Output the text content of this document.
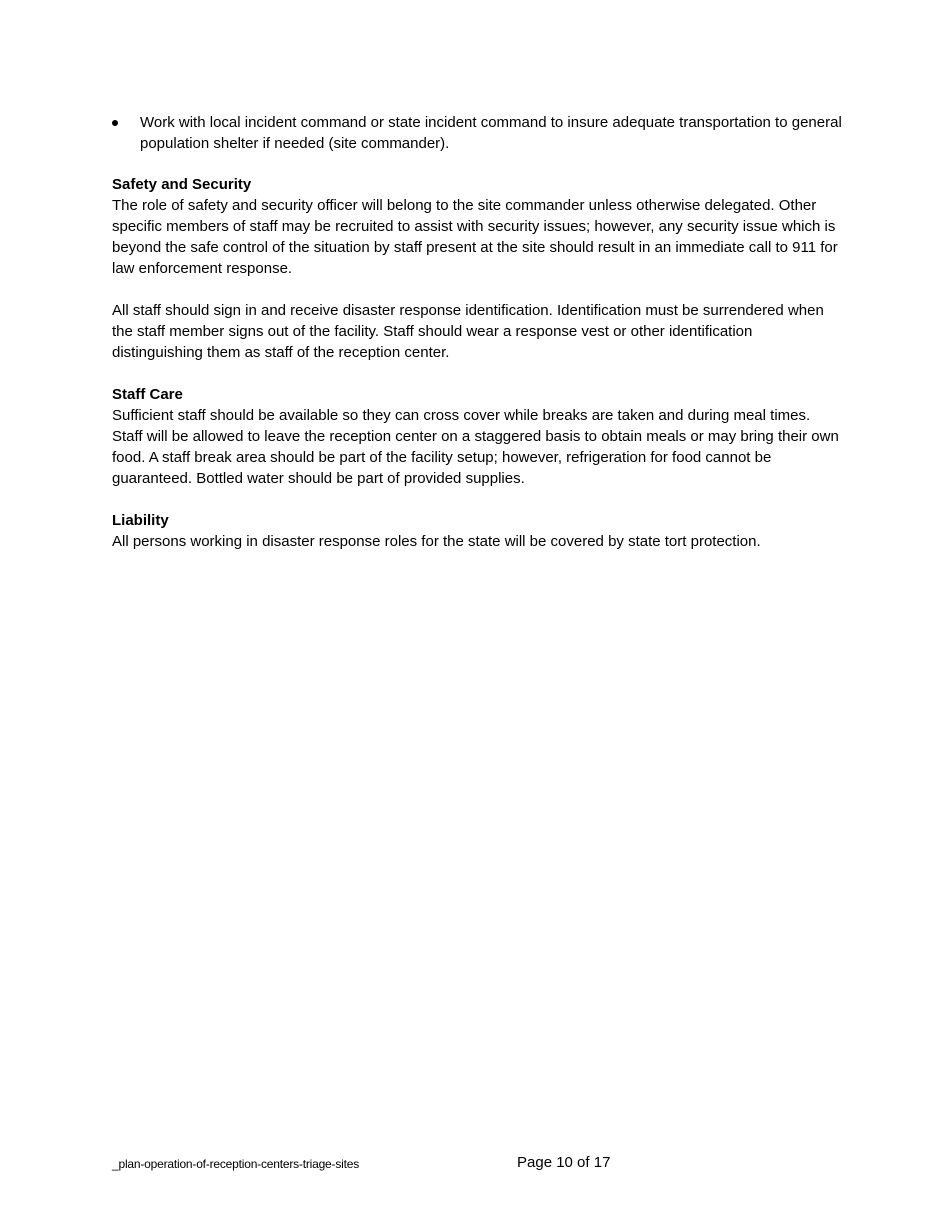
Work with local incident command or state incident command to insure adequate transportation to general population shelter if needed (site commander).

Safety and Security

The role of safety and security officer will belong to the site commander unless otherwise delegated. Other specific members of staff may be recruited to assist with security issues; however, any security issue which is beyond the safe control of the situation by staff present at the site should result in an immediate call to 911 for law enforcement response.

All staff should sign in and receive disaster response identification. Identification must be surrendered when the staff member signs out of the facility. Staff should wear a response vest or other identification distinguishing them as staff of the reception center.

Staff Care

Sufficient staff should be available so they can cross cover while breaks are taken and during meal times. Staff will be allowed to leave the reception center on a staggered basis to obtain meals or may bring their own food. A staff break area should be part of the facility setup; however, refrigeration for food cannot be guaranteed. Bottled water should be part of provided supplies.

Liability

All persons working in disaster response roles for the state will be covered by state tort protection.

_plan-operation-of-reception-centers-triage-sites	Page 10 of 17
